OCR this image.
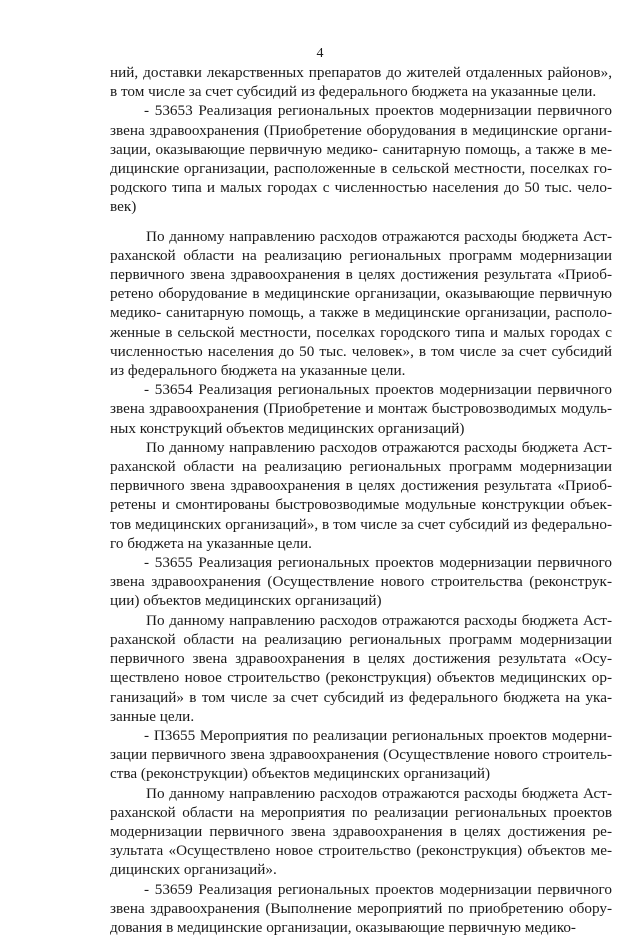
4

ний, доставки лекарственных препаратов до жителей отдаленных районов», в том числе за счет субсидий из федерального бюджета на указанные цели.

- 53653 Реализация региональных проектов модернизации первичного звена здравоохранения (Приобретение оборудования в медицинские организации, оказывающие первичную медико- санитарную помощь, а также в медицинские организации, расположенные в сельской местности, поселках городского типа и малых городах с численностью населения до 50 тыс. человек)

По данному направлению расходов отражаются расходы бюджета Астраханской области на реализацию региональных программ модернизации первичного звена здравоохранения в целях достижения результата «Приобретено оборудование в медицинские организации, оказывающие первичную медико- санитарную помощь, а также в медицинские организации, расположенные в сельской местности, поселках городского типа и малых городах с численностью населения до 50 тыс. человек», в том числе за счет субсидий из федерального бюджета на указанные цели.

- 53654 Реализация региональных проектов модернизации первичного звена здравоохранения (Приобретение и монтаж быстровозводимых модульных конструкций объектов медицинских организаций)

По данному направлению расходов отражаются расходы бюджета Астраханской области на реализацию региональных программ модернизации первичного звена здравоохранения в целях достижения результата «Приобретены и смонтированы быстровозводимые модульные конструкции объектов медицинских организаций», в том числе за счет субсидий из федерального бюджета на указанные цели.

- 53655 Реализация региональных проектов модернизации первичного звена здравоохранения (Осуществление нового строительства (реконструкции) объектов медицинских организаций)

По данному направлению расходов отражаются расходы бюджета Астраханской области на реализацию региональных программ модернизации первичного звена здравоохранения в целях достижения результата «Осуществлено новое строительство (реконструкция) объектов медицинских организаций» в том числе за счет субсидий из федерального бюджета на указанные цели.

- П3655 Мероприятия по реализации региональных проектов модернизации первичного звена здравоохранения (Осуществление нового строительства (реконструкции) объектов медицинских организаций)

По данному направлению расходов отражаются расходы бюджета Астраханской области на мероприятия по реализации региональных проектов модернизации первичного звена здравоохранения в целях достижения результата «Осуществлено новое строительство (реконструкция) объектов медицинских организаций».

- 53659 Реализация региональных проектов модернизации первичного звена здравоохранения (Выполнение мероприятий по приобретению оборудования в медицинские организации, оказывающие первичную медико-
